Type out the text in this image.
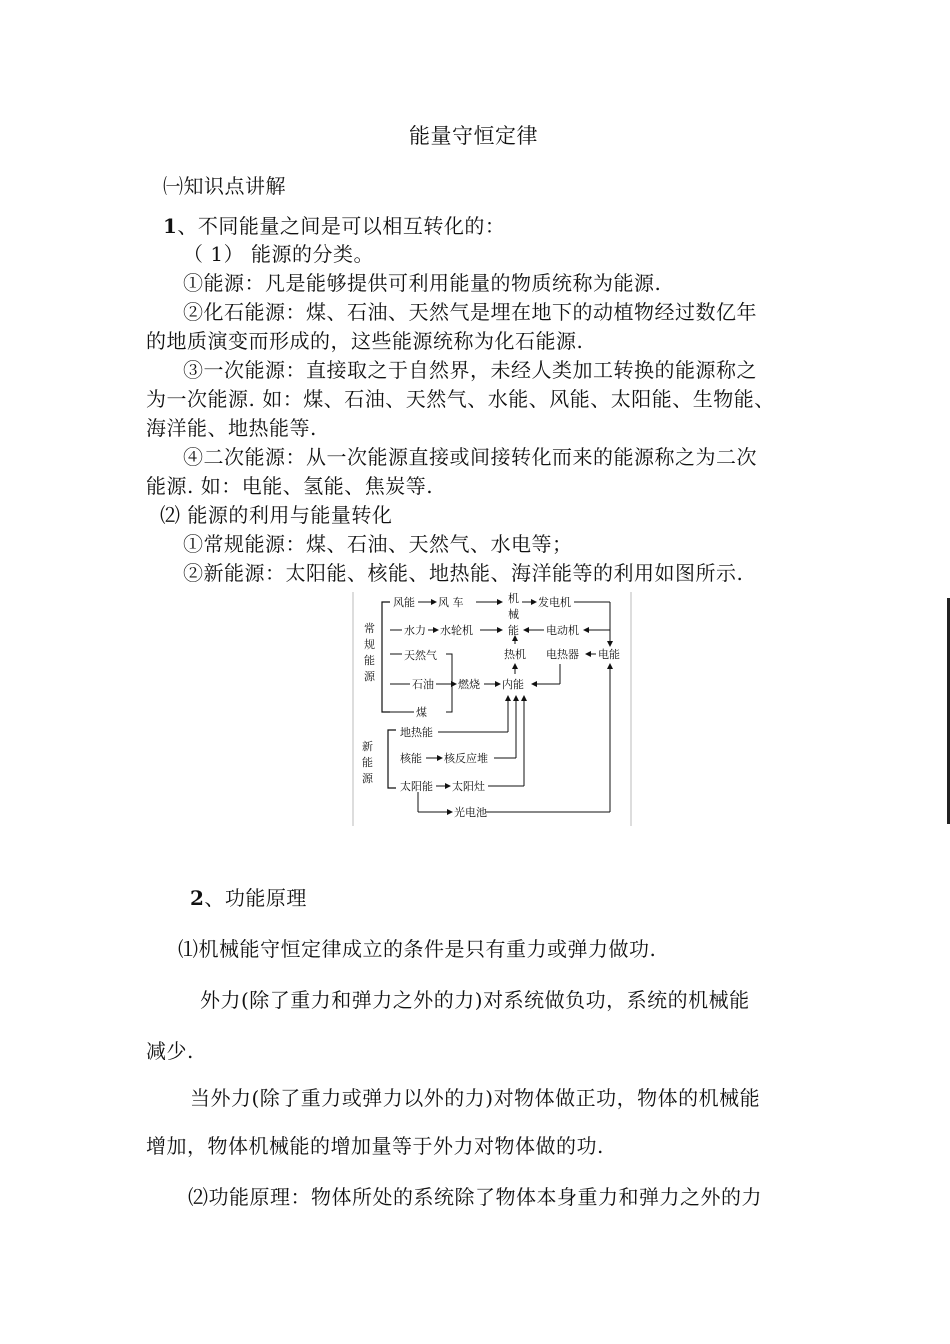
能量守恒定律
㈠知识点讲解
1、不同能量之间是可以相互转化的：
（ 1） 能源的分类。
①能源：凡是能够提供可利用能量的物质统称为能源.
②化石能源：煤、石油、天然气是埋在地下的动植物经过数亿年
的地质演变而形成的，这些能源统称为化石能源.
③一次能源：直接取之于自然界，未经人类加工转换的能源称之
为一次能源. 如：煤、石油、天然气、水能、风能、太阳能、生物能、
海洋能、地热能等.
④二次能源：从一次能源直接或间接转化而来的能源称之为二次
能源. 如：电能、氢能、焦炭等.
⑵ 能源的利用与能量转化
①常规能源：煤、石油、天然气、水电等；
②新能源：太阳能、核能、地热能、海洋能等的利用如图所示.
常
规
能
源
新
能
源
风能 风 车	机
械
能
发电机
水力 水轮机	电动机
天然气	热机 电热器 电能
石油 燃烧 内能
煤
地热能
核能 核反应堆
太阳能 太阳灶
光电池
2、功能原理
⑴机械能守恒定律成立的条件是只有重力或弹力做功.
外力(除了重力和弹力之外的力)对系统做负功，系统的机械能
减少.
当外力(除了重力或弹力以外的力)对物体做正功，物体的机械能
增加，物体机械能的增加量等于外力对物体做的功.
⑵功能原理：物体所处的系统除了物体本身重力和弹力之外的力
